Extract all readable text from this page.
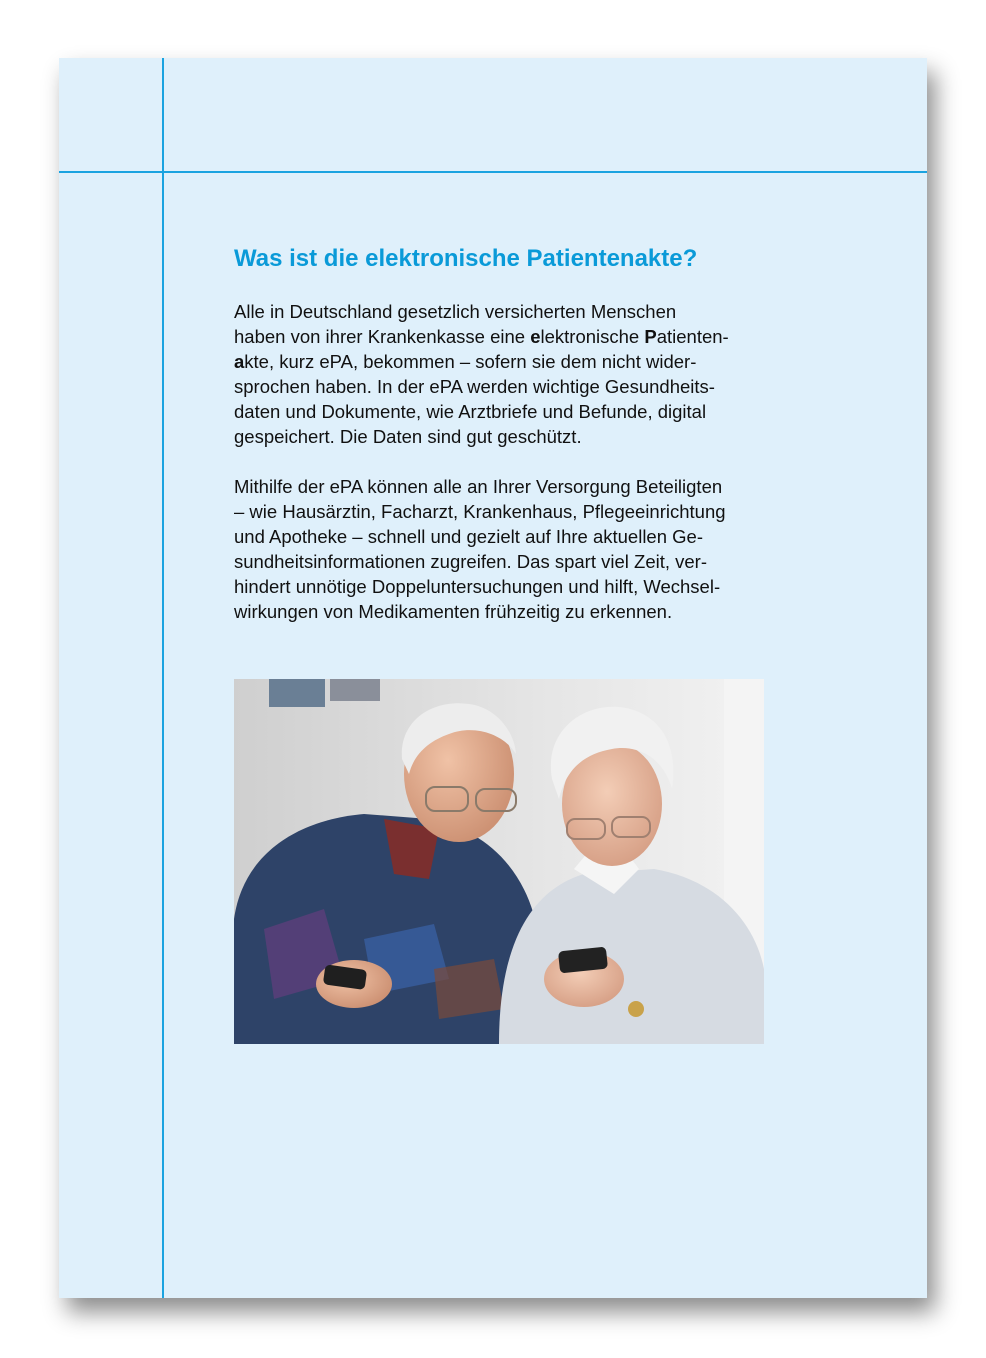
Was ist die elektronische Patientenakte?

Alle in Deutschland gesetzlich versicherten Menschen
haben von ihrer Krankenkasse eine elektronische Patienten-
akte, kurz ePA, bekommen – sofern sie dem nicht wider-
sprochen haben. In der ePA werden wichtige Gesundheits-
daten und Dokumente, wie Arztbriefe und Befunde, digital
gespeichert. Die Daten sind gut geschützt.

Mithilfe der ePA können alle an Ihrer Versorgung Beteiligten
– wie Hausärztin, Facharzt, Krankenhaus, Pflegeeinrichtung
und Apotheke – schnell und gezielt auf Ihre aktuellen Ge-
sundheitsinformationen zugreifen. Das spart viel Zeit, ver-
hindert unnötige Doppeluntersuchungen und hilft, Wechsel-
wirkungen von Medikamenten frühzeitig zu erkennen.
